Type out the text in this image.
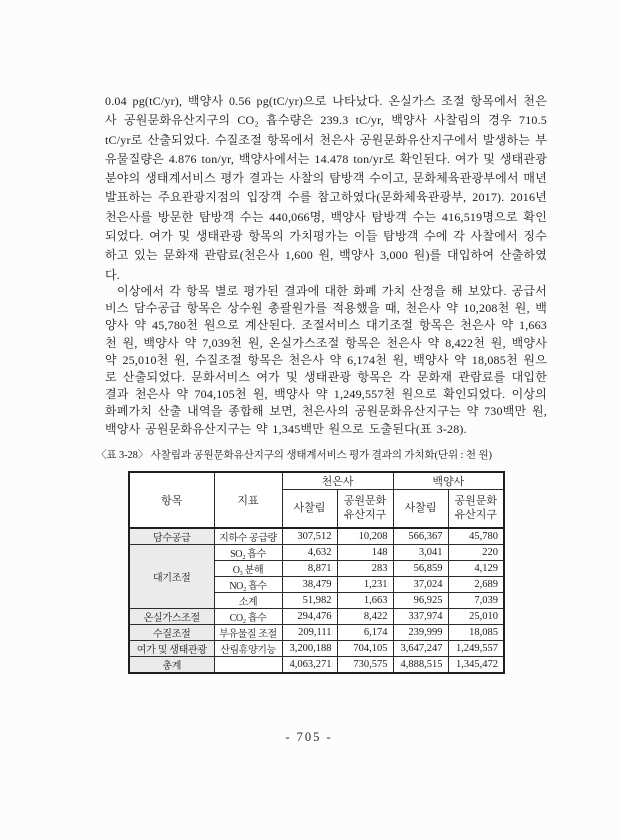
0.04 pg(tC/yr), 백양사 0.56 pg(tC/yr)으로 나타났다. 온실가스 조절 항목에서 천은사 공원문화유산지구의 CO₂ 흡수량은 239.3 tC/yr, 백양사 사찰림의 경우 710.5 tC/yr로 산출되었다. 수질조절 항목에서 천은사 공원문화유산지구에서 발생하는 부유물질량은 4.876 ton/yr, 백양사에서는 14.478 ton/yr로 확인된다. 여가 및 생태관광 분야의 생태계서비스 평가 결과는 사찰의 탐방객 수이고, 문화체육관광부에서 매년 발표하는 주요관광지점의 입장객 수를 참고하였다(문화체육관광부, 2017). 2016년 천은사를 방문한 탐방객 수는 440,066명, 백양사 탐방객 수는 416,519명으로 확인되었다. 여가 및 생태관광 항목의 가치평가는 이들 탐방객 수에 각 사찰에서 징수하고 있는 문화재 관람료(천은사 1,600 원, 백양사 3,000 원)를 대입하여 산출하였다.

이상에서 각 항목 별로 평가된 결과에 대한 화폐 가치 산정을 해 보았다. 공급서비스 담수공급 항목은 상수원 총괄원가를 적용했을 때, 천은사 약 10,208천 원, 백양사 약 45,780천 원으로 계산된다. 조절서비스 대기조절 항목은 천은사 약 1,663천 원, 백양사 약 7,039천 원, 온실가스조절 항목은 천은사 약 8,422천 원, 백양사 약 25,010천 원, 수질조절 항목은 천은사 약 6,174천 원, 백양사 약 18,085천 원으로 산출되었다. 문화서비스 여가 및 생태관광 항목은 각 문화재 관람료를 대입한 결과 천은사 약 704,105천 원, 백양사 약 1,249,557천 원으로 확인되었다. 이상의 화폐가치 산출 내역을 종합해 보면, 천은사의 공원문화유산지구는 약 730백만 원, 백양사 공원문화유산지구는 약 1,345백만 원으로 도출된다(표 3-28).

〈표 3-28〉 사찰림과 공원문화유산지구의 생태계서비스 평가 결과의 가치화(단위 : 천 원)

항목	지표	천은사		백양사	
		사찰림	공원문화유산지구	사찰림	공원문화유산지구
담수공급	지하수 공급량	307,512	10,208	566,367	45,780
대기조절	SO₂ 흡수	4,632	148	3,041	220
	O₃ 분해	8,871	283	56,859	4,129
	NO₂ 흡수	38,479	1,231	37,024	2,689
	소계	51,982	1,663	96,925	7,039
온실가스조절	CO₂ 흡수	294,476	8,422	337,974	25,010
수질조절	부유물질 조절	209,111	6,174	239,999	18,085
여가 및 생태관광	산림휴양기능	3,200,188	704,105	3,647,247	1,249,557
총계		4,063,271	730,575	4,888,515	1,345,472
- 705 -
